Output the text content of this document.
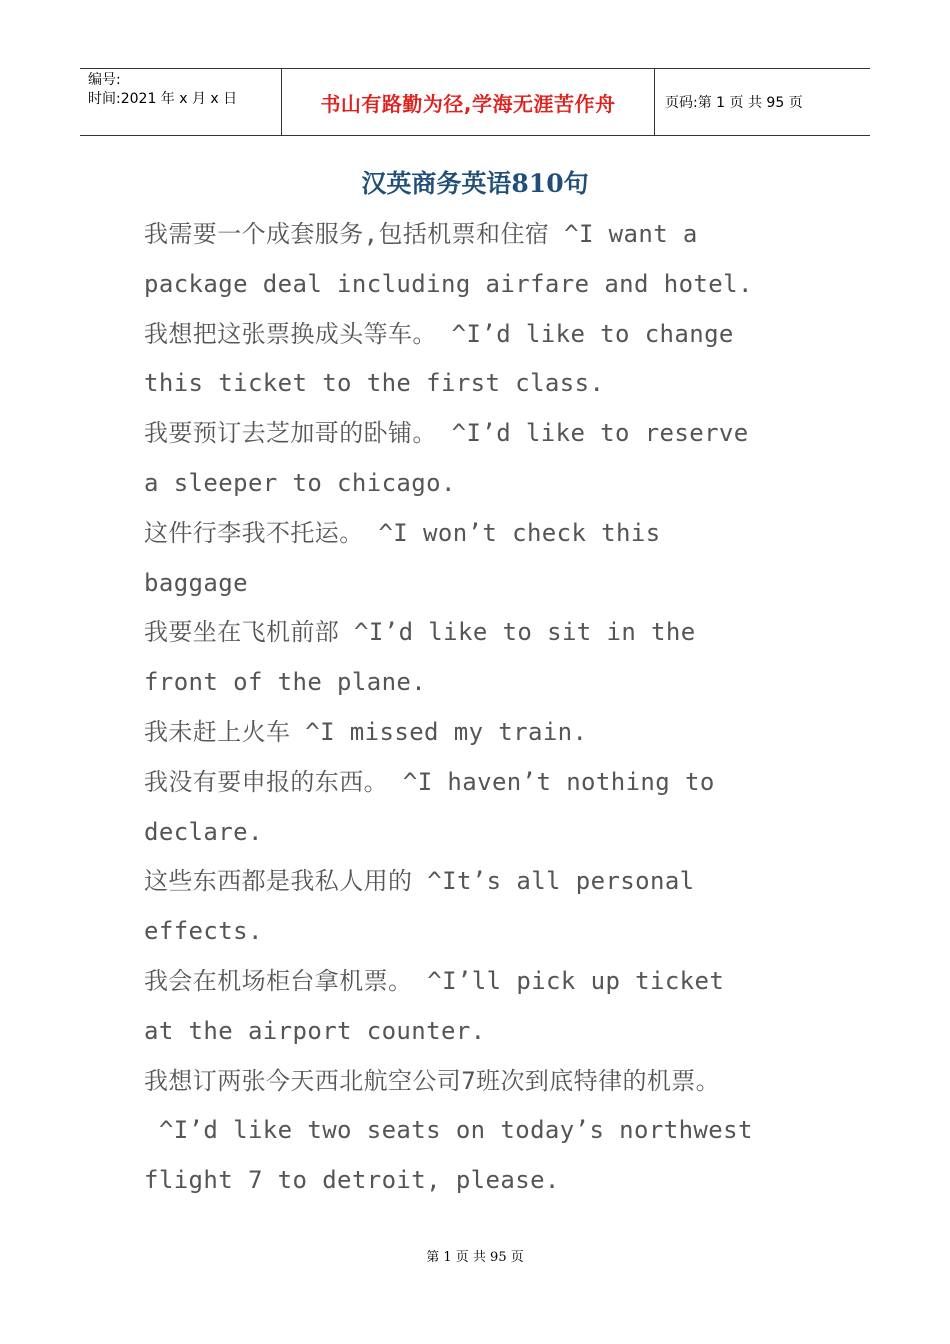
编号:
时间:2021 年 x 月 x 日	书山有路勤为径,学海无涯苦作舟	页码:第 1 页 共 95 页
汉英商务英语810句
我需要一个成套服务,包括机票和住宿 ^I want a
package deal including airfare and hotel.
我想把这张票换成头等车。 ^I’d like to change
this ticket to the first class.
我要预订去芝加哥的卧铺。 ^I’d like to reserve
a sleeper to chicago.
这件行李我不托运。 ^I won’t check this
baggage
我要坐在飞机前部 ^I’d like to sit in the
front of the plane.
我未赶上火车 ^I missed my train.
我没有要申报的东西。 ^I haven’t nothing to
declare.
这些东西都是我私人用的 ^It’s all personal
effects.
我会在机场柜台拿机票。 ^I’ll pick up ticket
at the airport counter.
我想订两张今天西北航空公司7班次到底特律的机票。
^I’d like two seats on today’s northwest
flight 7 to detroit, please.
第 1 页 共 95 页
